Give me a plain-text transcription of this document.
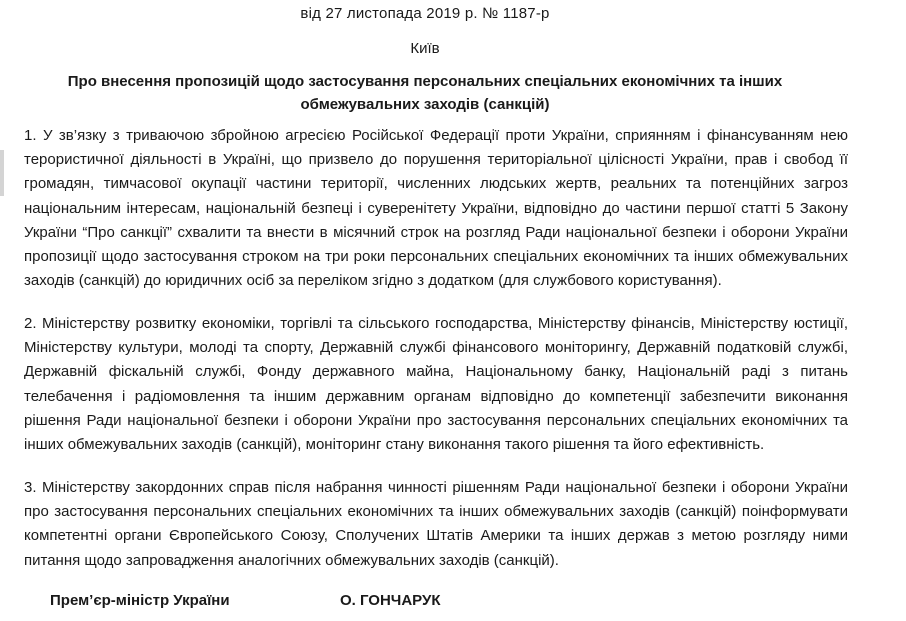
від 27 листопада 2019 р. № 1187-р
Київ
Про внесення пропозицій щодо застосування персональних спеціальних економічних та інших обмежувальних заходів (санкцій)

1. У зв’язку з триваючою збройною агресією Російської Федерації проти України, сприянням і фінансуванням нею терористичної діяльності в Україні, що призвело до порушення територіальної цілісності України, прав і свобод її громадян, тимчасової окупації частини території, численних людських жертв, реальних та потенційних загроз національним інтересам, національній безпеці і суверенітету України, відповідно до частини першої статті 5 Закону України “Про санкції” схвалити та внести в місячний строк на розгляд Ради національної безпеки і оборони України пропозиції щодо застосування строком на три роки персональних спеціальних економічних та інших обмежувальних заходів (санкцій) до юридичних осіб за переліком згідно з додатком (для службового користування).

2. Міністерству розвитку економіки, торгівлі та сільського господарства, Міністерству фінансів, Міністерству юстиції, Міністерству культури, молоді та спорту, Державній службі фінансового моніторингу, Державній податковій службі, Державній фіскальній службі, Фонду державного майна, Національному банку, Національній раді з питань телебачення і радіомовлення та іншим державним органам відповідно до компетенції забезпечити виконання рішення Ради національної безпеки і оборони України про застосування персональних спеціальних економічних та інших обмежувальних заходів (санкцій), моніторинг стану виконання такого рішення та його ефективність.

3. Міністерству закордонних справ після набрання чинності рішенням Ради національної безпеки і оборони України про застосування персональних спеціальних економічних та інших обмежувальних заходів (санкцій) поінформувати компетентні органи Європейського Союзу, Сполучених Штатів Америки та інших держав з метою розгляду ними питання щодо запровадження аналогічних обмежувальних заходів (санкцій).

Прем’єр-міністр України	О. ГОНЧАРУК
